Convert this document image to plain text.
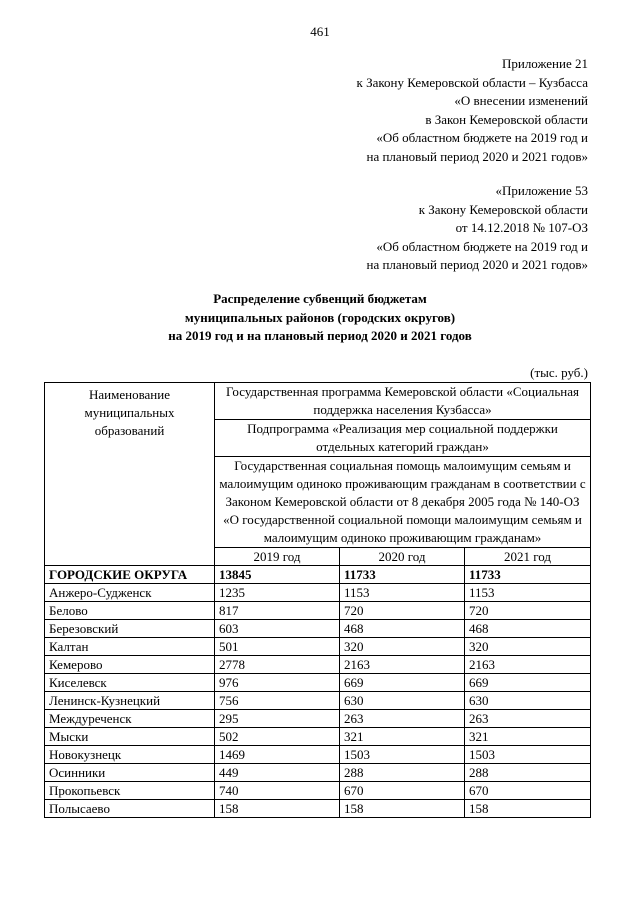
461
Приложение 21
к Закону Кемеровской области – Кузбасса
«О внесении изменений
в Закон Кемеровской области
«Об областном бюджете на 2019 год и
на плановый период 2020 и 2021 годов»
«Приложение 53
к Закону Кемеровской области
от 14.12.2018 № 107-ОЗ
«Об областном бюджете на 2019 год и
на плановый период 2020 и 2021 годов»
Распределение субвенций бюджетам
муниципальных районов (городских округов)
на 2019 год и на плановый период 2020 и 2021 годов
(тыс. руб.)
Наименование муниципальных образований	Государственная программа Кемеровской области «Социальная поддержка населения Кузбасса»		
	Подпрограмма «Реализация мер социальной поддержки отдельных категорий граждан»		
	Государственная социальная помощь малоимущим семьям и малоимущим одиноко проживающим гражданам в соответствии с Законом Кемеровской области от 8 декабря 2005 года № 140-ОЗ «О государственной социальной помощи малоимущим семьям и малоимущим одиноко проживающим гражданам»		
	2019 год	2020 год	2021 год
ГОРОДСКИЕ ОКРУГА	13845	11733	11733
Анжеро-Судженск	1235	1153	1153
Белово	817	720	720
Березовский	603	468	468
Калтан	501	320	320
Кемерово	2778	2163	2163
Киселевск	976	669	669
Ленинск-Кузнецкий	756	630	630
Междуреченск	295	263	263
Мыски	502	321	321
Новокузнецк	1469	1503	1503
Осинники	449	288	288
Прокопьевск	740	670	670
Полысаево	158	158	158
